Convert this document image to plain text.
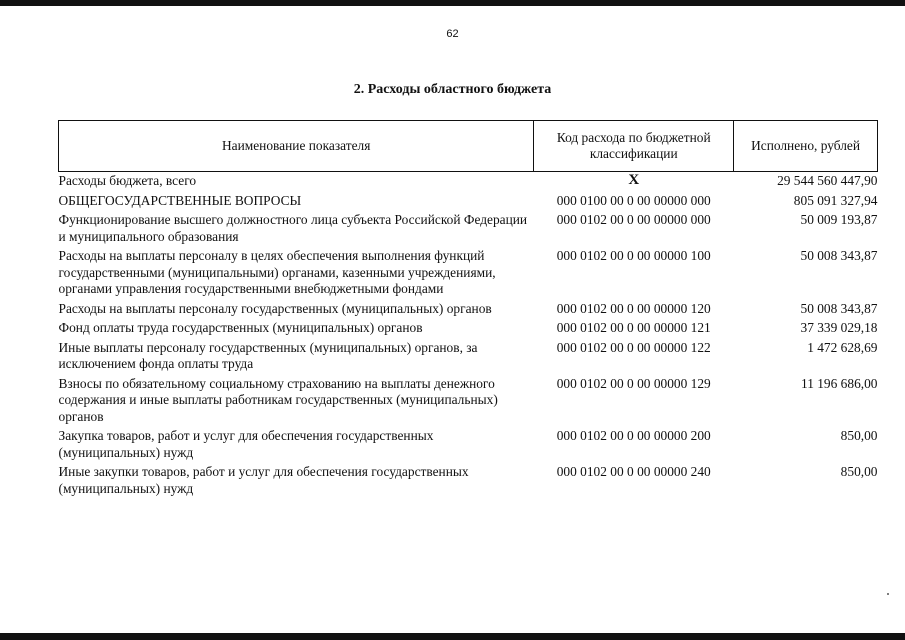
62
2. Расходы областного бюджета
Наименование показателя	Код расхода по бюджетной классификации	Исполнено, рублей
Расходы бюджета, всего	X	29 544 560 447,90
ОБЩЕГОСУДАРСТВЕННЫЕ ВОПРОСЫ	000 0100 00 0 00 00000 000	805 091 327,94
Функционирование высшего должностного лица субъекта Российской Федерации и муниципального образования	000 0102 00 0 00 00000 000	50 009 193,87
Расходы на выплаты персоналу в целях обеспечения выполнения функций государственными (муниципальными) органами, казенными учреждениями, органами управления государственными внебюджетными фондами	000 0102 00 0 00 00000 100	50 008 343,87
Расходы на выплаты персоналу государственных (муниципальных) органов	000 0102 00 0 00 00000 120	50 008 343,87
Фонд оплаты труда государственных (муниципальных) органов	000 0102 00 0 00 00000 121	37 339 029,18
Иные выплаты персоналу государственных (муниципальных) органов, за исключением фонда оплаты труда	000 0102 00 0 00 00000 122	1 472 628,69
Взносы по обязательному социальному страхованию на выплаты денежного содержания и иные выплаты работникам государственных (муниципальных) органов	000 0102 00 0 00 00000 129	11 196 686,00
Закупка товаров, работ и услуг для обеспечения государственных (муниципальных) нужд	000 0102 00 0 00 00000 200	850,00
Иные закупки товаров, работ и услуг для обеспечения государственных (муниципальных) нужд	000 0102 00 0 00 00000 240	850,00
